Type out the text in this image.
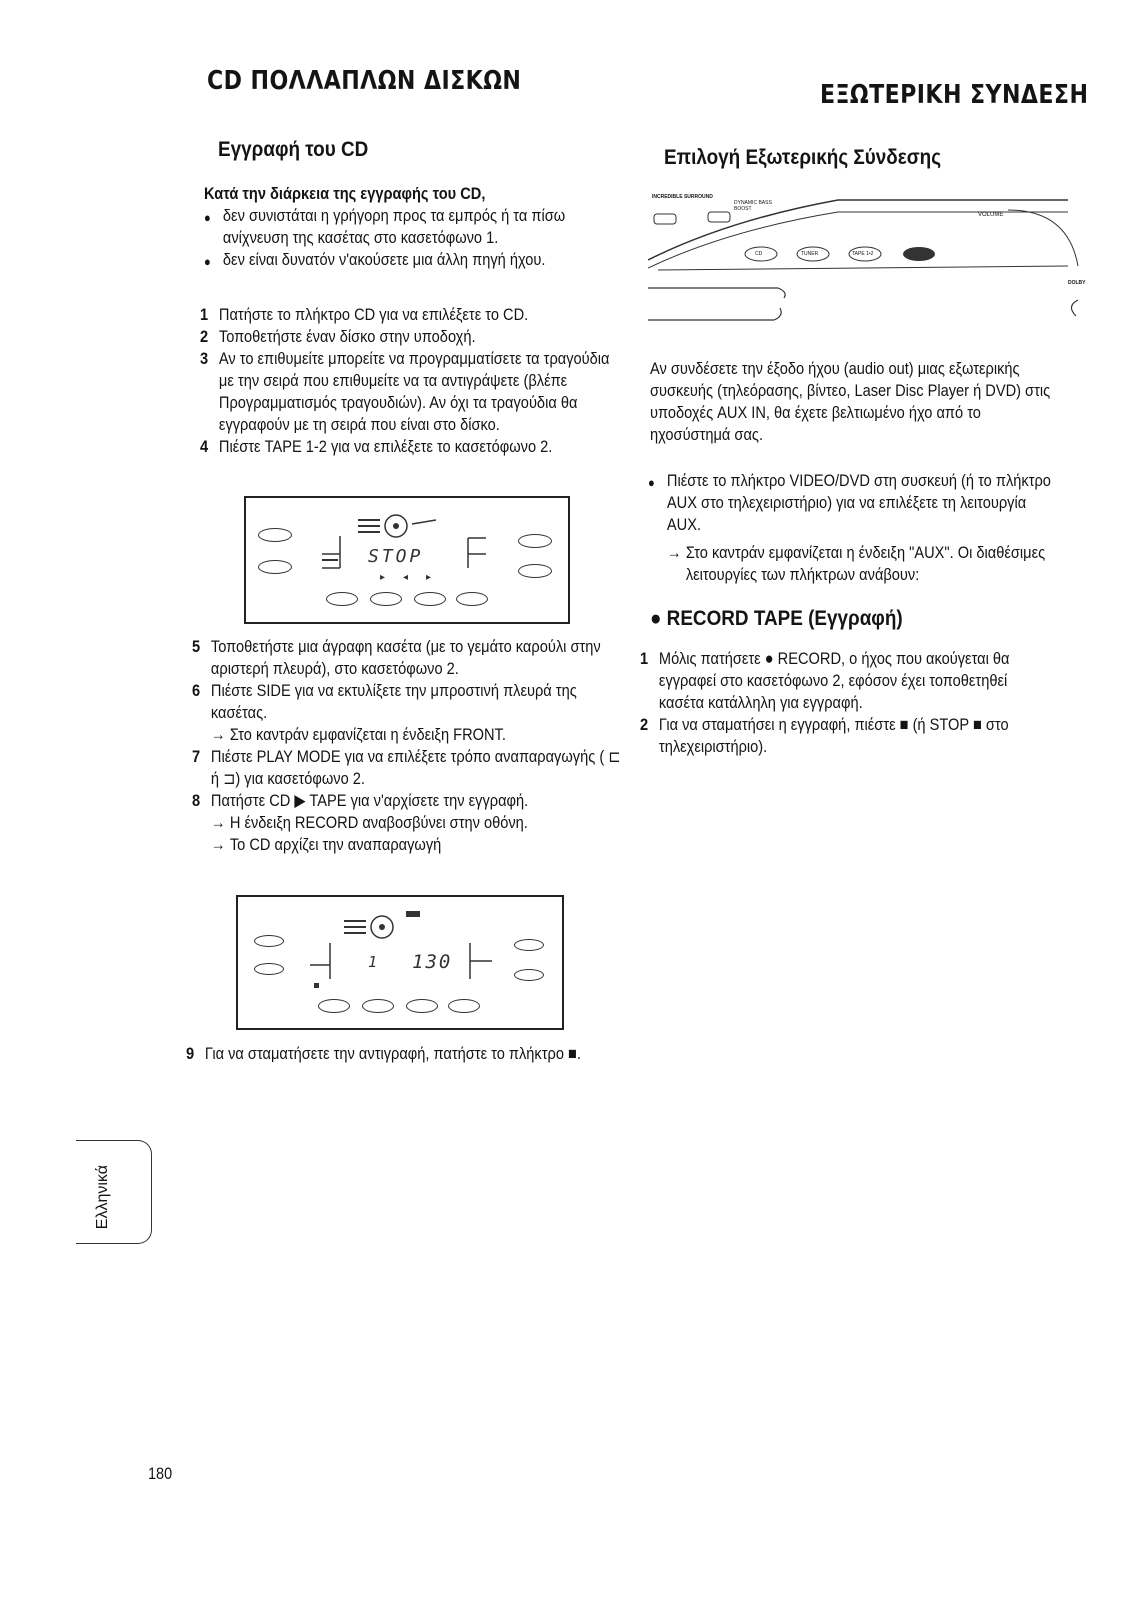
CD ΠΟΛΛΑΠΛΩΝ ΔΙΣΚΩΝ
Εγγραφή του CD
Κατά την διάρκεια της εγγραφής του CD,
● δεν συνιστάται η γρήγορη προς τα εμπρός ή τα πίσω ανίχνευση της κασέτας στο κασετόφωνο 1.
● δεν είναι δυνατόν ν'ακούσετε μια άλλη πηγή ήχου.
1 Πατήστε το πλήκτρο CD για να επιλέξετε το CD.
2 Τοποθετήστε έναν δίσκο στην υποδοχή.
3 Αν το επιθυμείτε μπορείτε να προγραμματίσετε τα τραγούδια με την σειρά που επιθυμείτε να τα αντιγράψετε (βλέπε Προγραμματισμός τραγουδιών). Αν όχι τα τραγούδια θα εγγραφούν με τη σειρά που είναι στο δίσκο.
4 Πιέστε TAPE 1-2 για να επιλέξετε το κασετόφωνο 2.
STOP
▸◂▸
5 Τοποθετήστε μια άγραφη κασέτα (με το γεμάτο καρούλι στην αριστερή πλευρά), στο κασετόφωνο 2.
6 Πιέστε SIDE για να εκτυλίξετε την μπροστινή πλευρά της κασέτας.
→ Στο καντράν εμφανίζεται η ένδειξη FRONT.
7 Πιέστε PLAY MODE για να επιλέξετε τρόπο αναπαραγωγής ( ⊏ ή ⊐) για κασετόφωνο 2.
8 Πατήστε CD ▶ TAPE για ν'αρχίσετε την εγγραφή.
→ Η ένδειξη RECORD αναβοσβύνει στην οθόνη.
→ Το CD αρχίζει την αναπαραγωγή
1 130
9 Για να σταματήσετε την αντιγραφή, πατήστε το πλήκτρο ■.
ΕΞΩΤΕΡΙΚΗ ΣΥΝΔΕΣΗ
Επιλογή Εξωτερικής Σύνδεσης
INCREDIBLE SURROUND
DYNAMIC BASS BOOST
VOLUME
DOLBY
CD	TUNER	TAPE 1•2
Αν συνδέσετε την έξοδο ήχου (audio out) μιας εξωτερικής συσκευής (τηλεόρασης, βίντεο, Laser Disc Player ή DVD) στις υποδοχές AUX IN, θα έχετε βελτιωμένο ήχο από το ηχοσύστημά σας.
● Πιέστε το πλήκτρο VIDEO/DVD στη συσκευή (ή το πλήκτρο AUX στο τηλεχειριστήριο) για να επιλέξετε τη λειτουργία AUX.
→ Στο καντράν εμφανίζεται η ένδειξη "AUX". Οι διαθέσιμες λειτουργίες των πλήκτρων ανάβουν:
● RECORD TAPE (Εγγραφή)
1 Μόλις πατήσετε ● RECORD, ο ήχος που ακούγεται θα εγγραφεί στο κασετόφωνο 2, εφόσον έχει τοποθετηθεί κασέτα κατάλληλη για εγγραφή.
2 Για να σταματήσει η εγγραφή, πιέστε ■ (ή STOP ■ στο τηλεχειριστήριο).
Ελληνικά
180
